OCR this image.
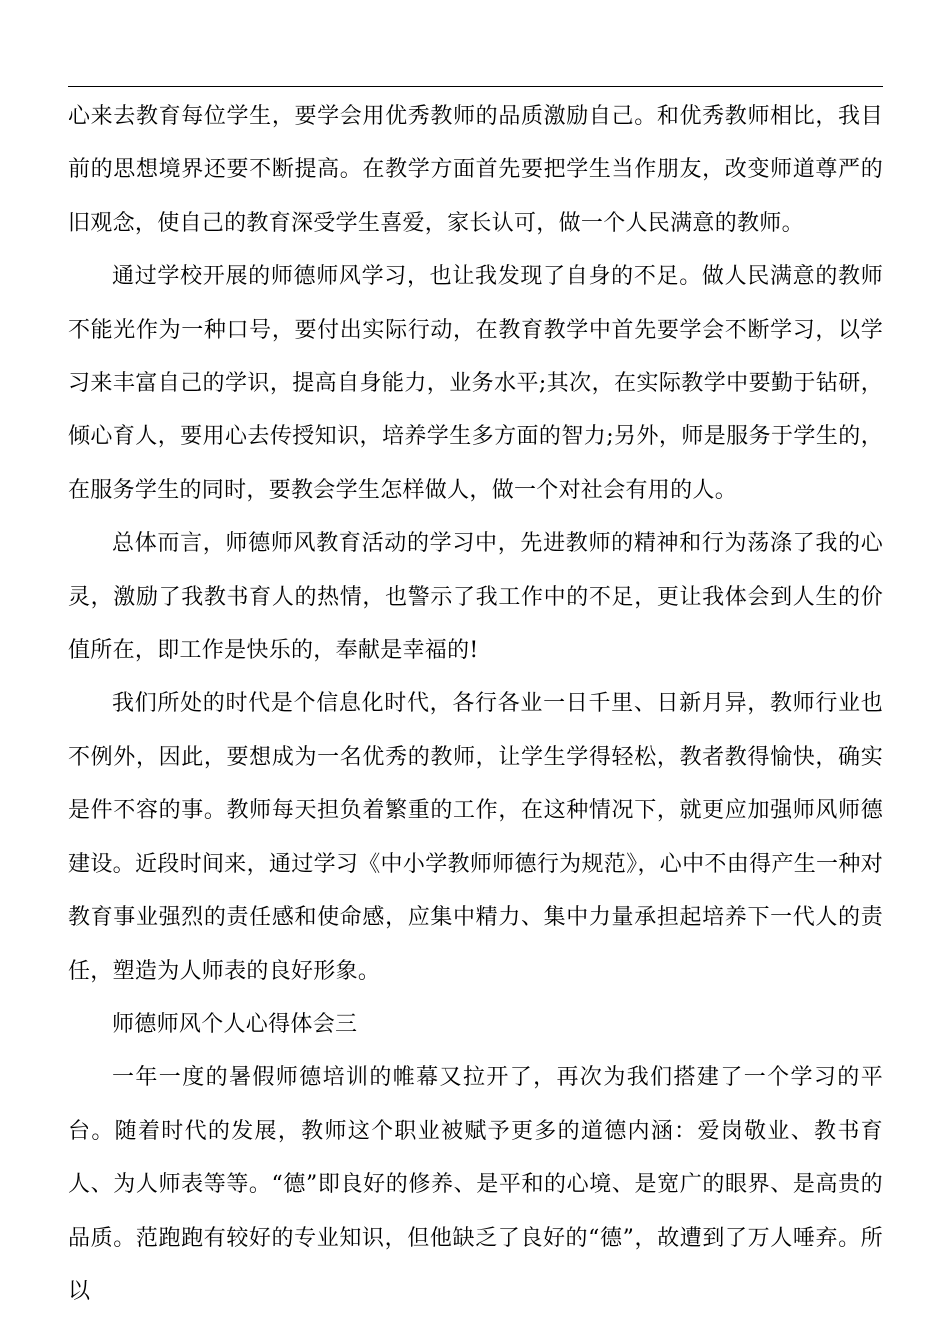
心来去教育每位学生，要学会用优秀教师的品质激励自己。和优秀教师相比，我目前的思想境界还要不断提高。在教学方面首先要把学生当作朋友，改变师道尊严的旧观念，使自己的教育深受学生喜爱，家长认可，做一个人民满意的教师。

通过学校开展的师德师风学习，也让我发现了自身的不足。做人民满意的教师不能光作为一种口号，要付出实际行动，在教育教学中首先要学会不断学习，以学习来丰富自己的学识，提高自身能力，业务水平;其次，在实际教学中要勤于钻研，倾心育人，要用心去传授知识，培养学生多方面的智力;另外，师是服务于学生的，在服务学生的同时，要教会学生怎样做人，做一个对社会有用的人。

总体而言，师德师风教育活动的学习中，先进教师的精神和行为荡涤了我的心灵，激励了我教书育人的热情，也警示了我工作中的不足，更让我体会到人生的价值所在，即工作是快乐的，奉献是幸福的!

我们所处的时代是个信息化时代，各行各业一日千里、日新月异，教师行业也不例外，因此，要想成为一名优秀的教师，让学生学得轻松，教者教得愉快，确实是件不容的事。教师每天担负着繁重的工作，在这种情况下，就更应加强师风师德建设。近段时间来，通过学习《中小学教师师德行为规范》，心中不由得产生一种对教育事业强烈的责任感和使命感，应集中精力、集中力量承担起培养下一代人的责任，塑造为人师表的良好形象。

师德师风个人心得体会三

一年一度的暑假师德培训的帷幕又拉开了，再次为我们搭建了一个学习的平台。随着时代的发展，教师这个职业被赋予更多的道德内涵：爱岗敬业、教书育人、为人师表等等。“德”即良好的修养、是平和的心境、是宽广的眼界、是高贵的品质。范跑跑有较好的专业知识，但他缺乏了良好的“德”，故遭到了万人唾弃。所以
